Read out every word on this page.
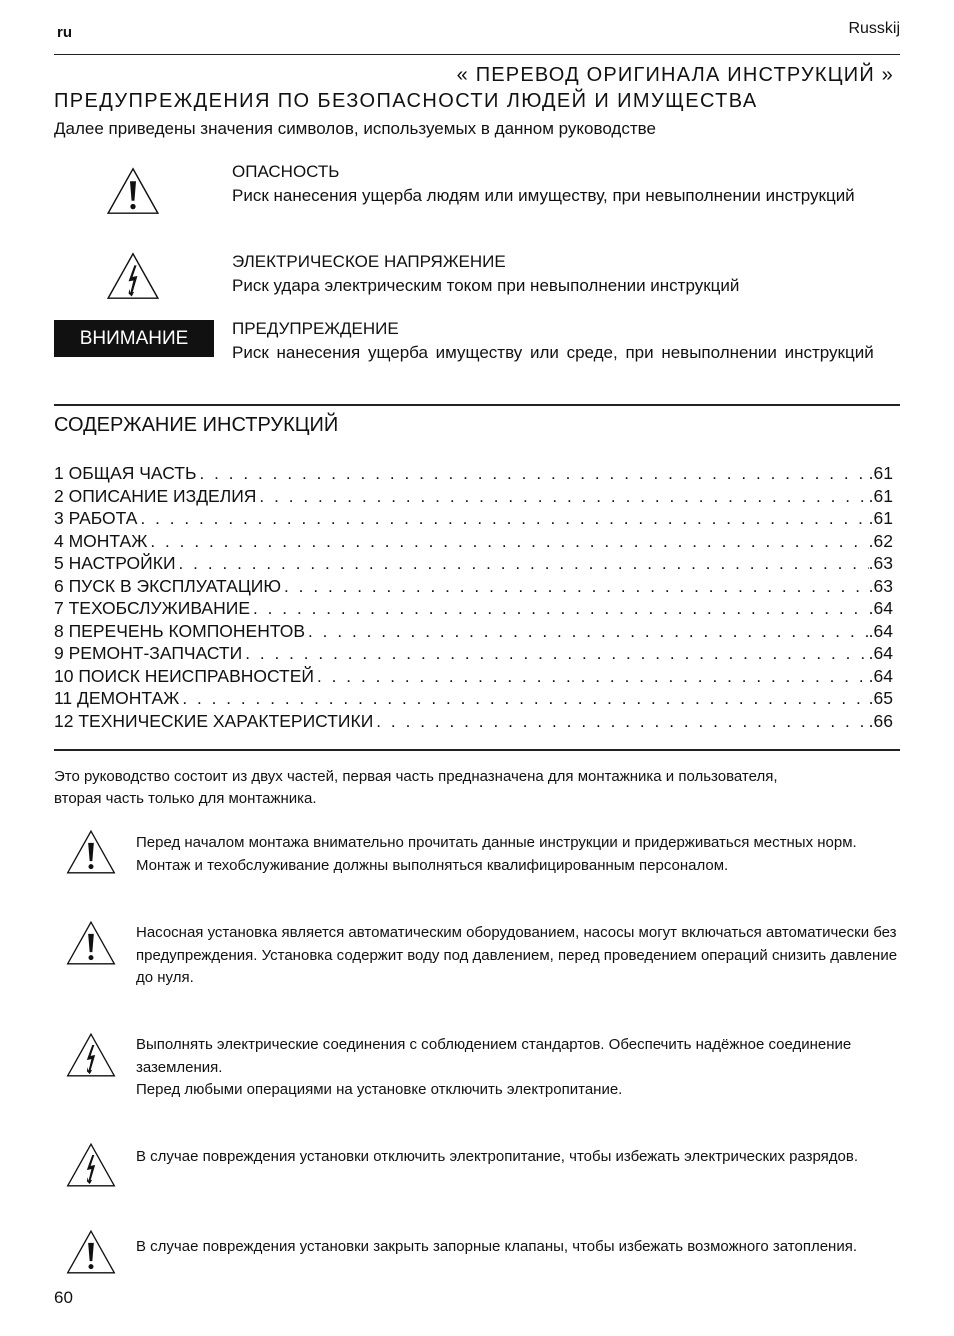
ru	Russkij
« ПЕРЕВОД ОРИГИНАЛА ИНСТРУКЦИЙ »
ПРЕДУПРЕЖДЕНИЯ ПО БЕЗОПАСНОСТИ ЛЮДЕЙ И ИМУЩЕСТВА
Далее приведены значения символов, используемых в данном руководстве
ОПАСНОСТЬ
Риск нанесения ущерба людям или имуществу, при невыполнении инструкций
ЭЛЕКТРИЧЕСКОЕ НАПРЯЖЕНИЕ
Риск удара электрическим током при невыполнении инструкций
ВНИМАНИЕ	ПРЕДУПРЕЖДЕНИЕ
Риск нанесения ущерба имуществу или среде, при невыполнении инструкций
СОДЕРЖАНИЕ ИНСТРУКЦИЙ
1 ОБЩАЯ ЧАСТЬ . . .	.61
2 ОПИСАНИЕ ИЗДЕЛИЯ . . .	.61
3 РАБОТА . . .	.61
4 МОНТАЖ . . .	.62
5 НАСТРОЙКИ . . .	.63
6 ПУСК В ЭКСПЛУАТАЦИЮ . . .	.63
7 ТЕХОБСЛУЖИВАНИЕ . . .	.64
8 ПЕРЕЧЕНЬ КОМПОНЕНТОВ . . .	.64
9 РЕМОНТ-ЗАПЧАСТИ . . .	.64
10 ПОИСК НЕИСПРАВНОСТЕЙ . . .	.64
11 ДЕМОНТАЖ . . .	.65
12 ТЕХНИЧЕСКИЕ ХАРАКТЕРИСТИКИ . . .	.66
Это руководство состоит из двух частей, первая часть предназначена для монтажника и пользователя, вторая часть только для монтажника.
Перед началом монтажа внимательно прочитать данные инструкции и придерживаться местных норм. Монтаж и техобслуживание должны выполняться квалифицированным персоналом.
Насосная установка является автоматическим оборудованием, насосы могут включаться автоматически без предупреждения. Установка содержит воду под давлением, перед проведением операций снизить давление до нуля.
Выполнять электрические соединения с соблюдением стандартов. Обеспечить надёжное соединение заземления.
Перед любыми операциями на установке отключить электропитание.
В случае повреждения установки отключить электропитание, чтобы избежать электрических разрядов.
В случае повреждения установки закрыть запорные клапаны, чтобы избежать возможного затопления.
60
